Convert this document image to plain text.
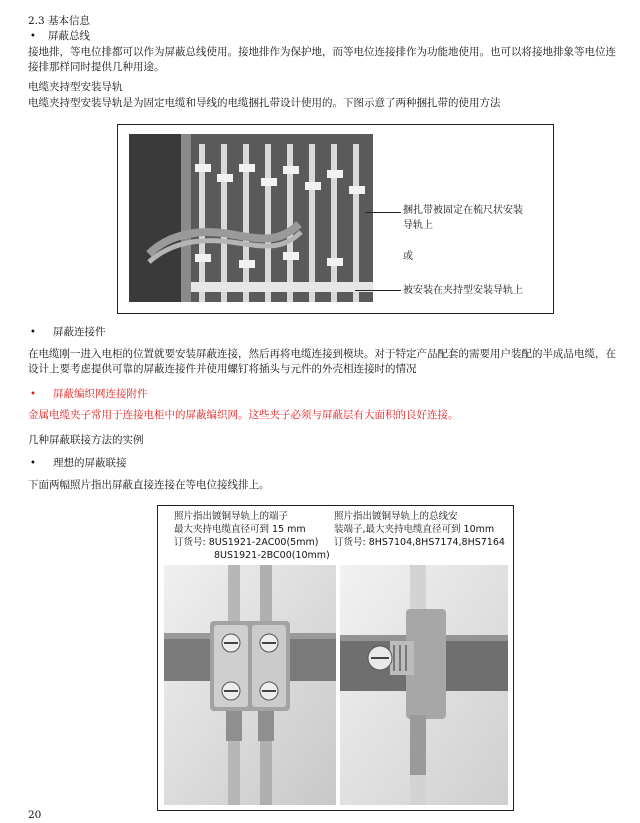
2.3 基本信息
• 屏蔽总线
接地排，等电位排都可以作为屏蔽总线使用。接地排作为保护地，而等电位连接排作为功能地使用。也可以将接地排象等电位连接排那样同时提供几种用途。
电缆夹持型安装导轨
电缆夹持型安装导轨是为固定电缆和导线的电缆捆扎带设计使用的。下图示意了两种捆扎带的使用方法
捆扎带被固定在梳尺状安装
导轨上
或
被安装在夹持型安装导轨上
• 屏蔽连接件
在电缆刚一进入电柜的位置就要安装屏蔽连接，然后再将电缆连接到模块。对于特定产品配套的需要用户装配的半成品电缆，在设计上要考虑提供可靠的屏蔽连接件并使用螺钉将插头与元件的外壳相连接时的情况
• 屏蔽编织网连接附件
金属电缆夹子常用于连接电柜中的屏蔽编织网。这些夹子必须与屏蔽层有大面积的良好连接。
几种屏蔽联接方法的实例
• 理想的屏蔽联接
下面两幅照片指出屏蔽直接连接在等电位接线排上。
照片指出镀铜导轨上的端子
最大夹持电缆直径可到 15 mm
订货号: 8US1921-2AC00(5mm)
8US1921-2BC00(10mm)
照片指出镀铜导轨上的总线安
装端子,最大夹持电缆直径可到 10mm
订货号: 8HS7104,8HS7174,8HS7164
20
